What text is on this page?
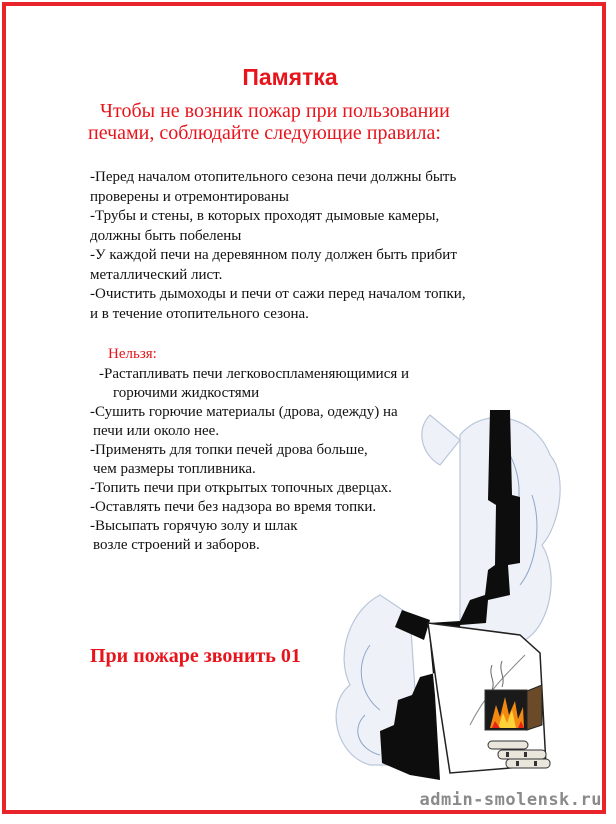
Памятка
Чтобы не возник пожар при пользовании
печами, соблюдайте следующие правила:
-Перед началом отопительного сезона печи должны быть
проверены и отремонтированы
-Трубы и стены, в которых проходят дымовые камеры,
должны быть побелены
-У каждой печи на деревянном полу должен быть прибит
металлический лист.
-Очистить дымоходы и печи от сажи перед началом топки,
и в течение отопительного сезона.
Нельзя:
-Растапливать печи легковоспламеняющимися и
горючими жидкостями
-Сушить горючие материалы (дрова, одежду) на
печи или около нее.
-Применять для топки печей дрова больше,
чем размеры топливника.
-Топить печи при открытых топочных дверцах.
-Оставлять печи без надзора во время топки.
-Высыпать горячую золу и шлак
возле строений и заборов.
При пожаре звонить 01
admin-smolensk.ru
